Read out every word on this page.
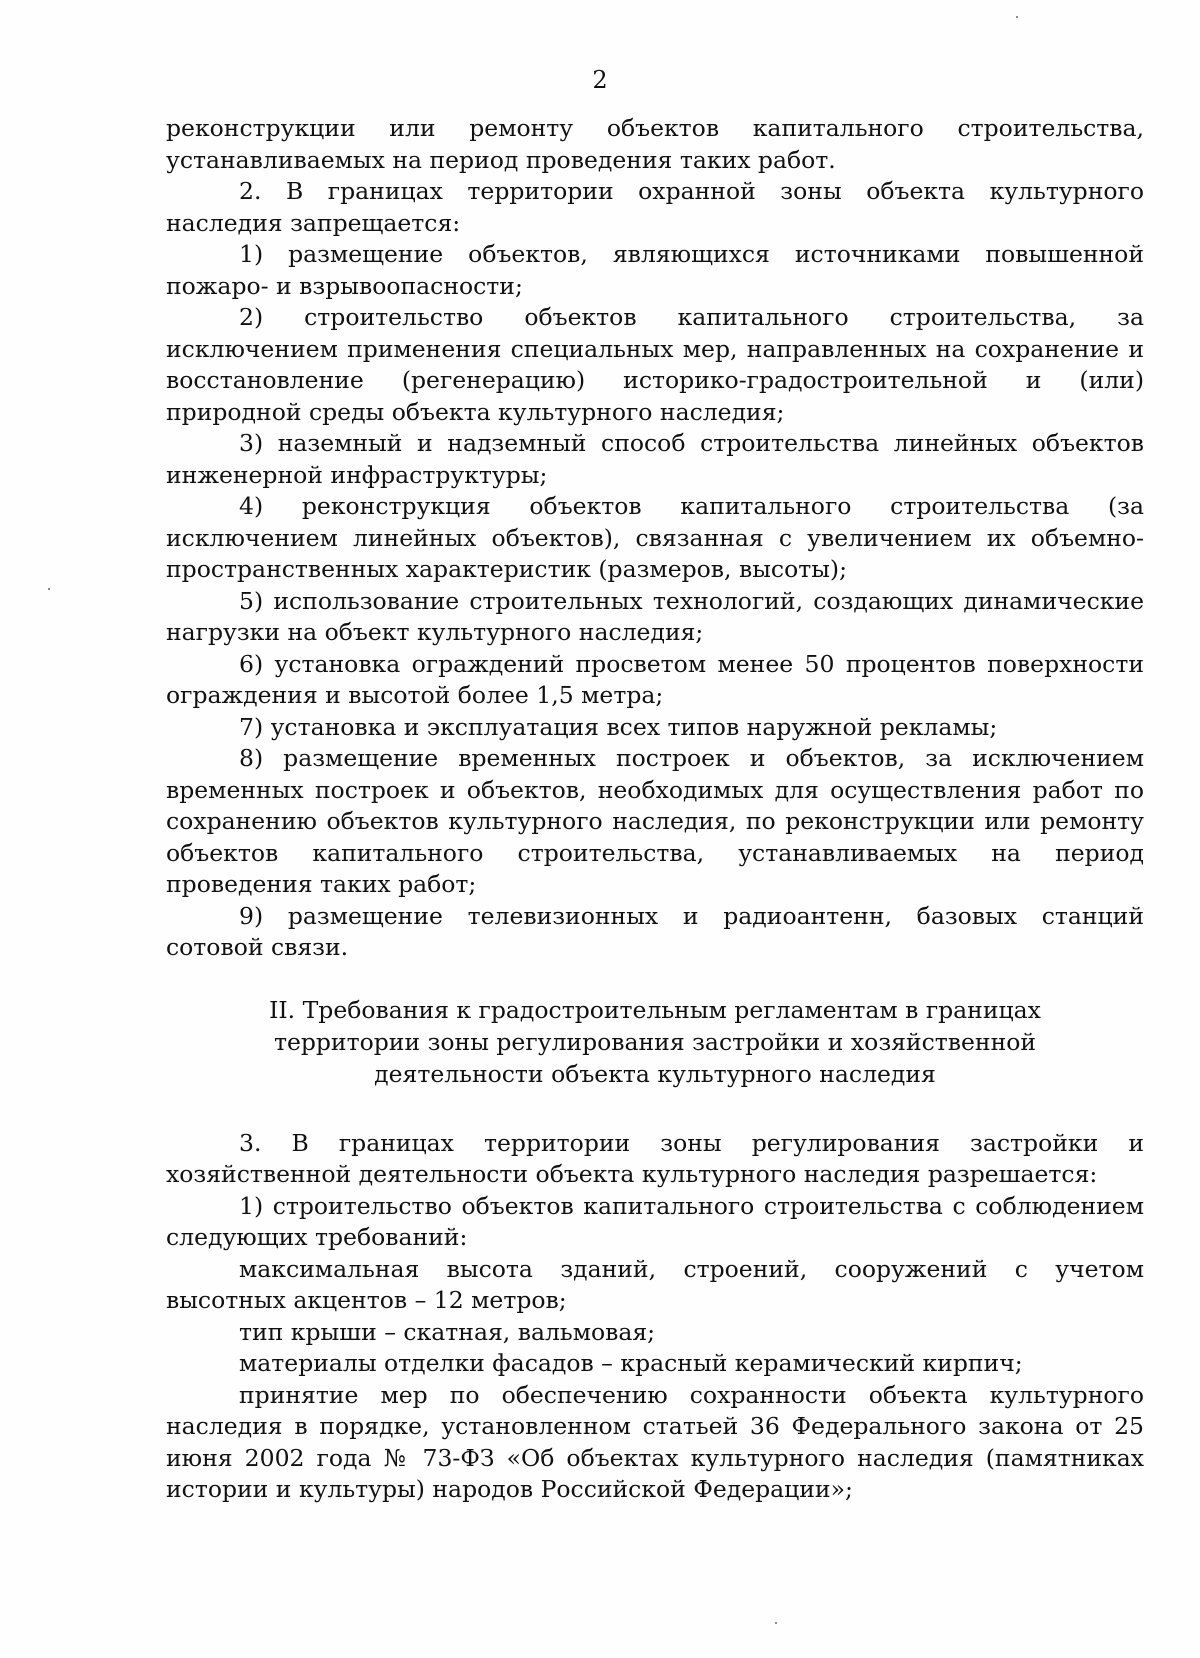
2

реконструкции или ремонту объектов капитального строительства,

устанавливаемых на период проведения таких работ.

2. В границах территории охранной зоны объекта культурного наследия запрещается:

1) размещение объектов, являющихся источниками повышенной пожаро- и взрывоопасности;

2) строительство объектов капитального строительства, за исключением применения специальных мер, направленных на сохранение и восстановление (регенерацию) историко-градостроительной и (или) природной среды объекта культурного наследия;

3) наземный и надземный способ строительства линейных объектов инженерной инфраструктуры;

4) реконструкция объектов капитального строительства (за исключением линейных объектов), связанная с увеличением их объемно-пространственных характеристик (размеров, высоты);

5) использование строительных технологий, создающих динамические нагрузки на объект культурного наследия;

6) установка ограждений просветом менее 50 процентов поверхности ограждения и высотой более 1,5 метра;

7) установка и эксплуатация всех типов наружной рекламы;

8) размещение временных построек и объектов, за исключением временных построек и объектов, необходимых для осуществления работ по сохранению объектов культурного наследия, по реконструкции или ремонту объектов капитального строительства, устанавливаемых на период проведения таких работ;

9) размещение телевизионных и радиоантенн, базовых станций сотовой связи.

II. Требования к градостроительным регламентам в границах территории зоны регулирования застройки и хозяйственной деятельности объекта культурного наследия

3. В границах территории зоны регулирования застройки и хозяйственной деятельности объекта культурного наследия разрешается:

1) строительство объектов капитального строительства с соблюдением следующих требований:

максимальная высота зданий, строений, сооружений с учетом высотных акцентов – 12 метров;

тип крыши – скатная, вальмовая;

материалы отделки фасадов – красный керамический кирпич;

принятие мер по обеспечению сохранности объекта культурного наследия в порядке, установленном статьей 36 Федерального закона от 25 июня 2002 года № 73-ФЗ «Об объектах культурного наследия (памятниках истории и культуры) народов Российской Федерации»;
